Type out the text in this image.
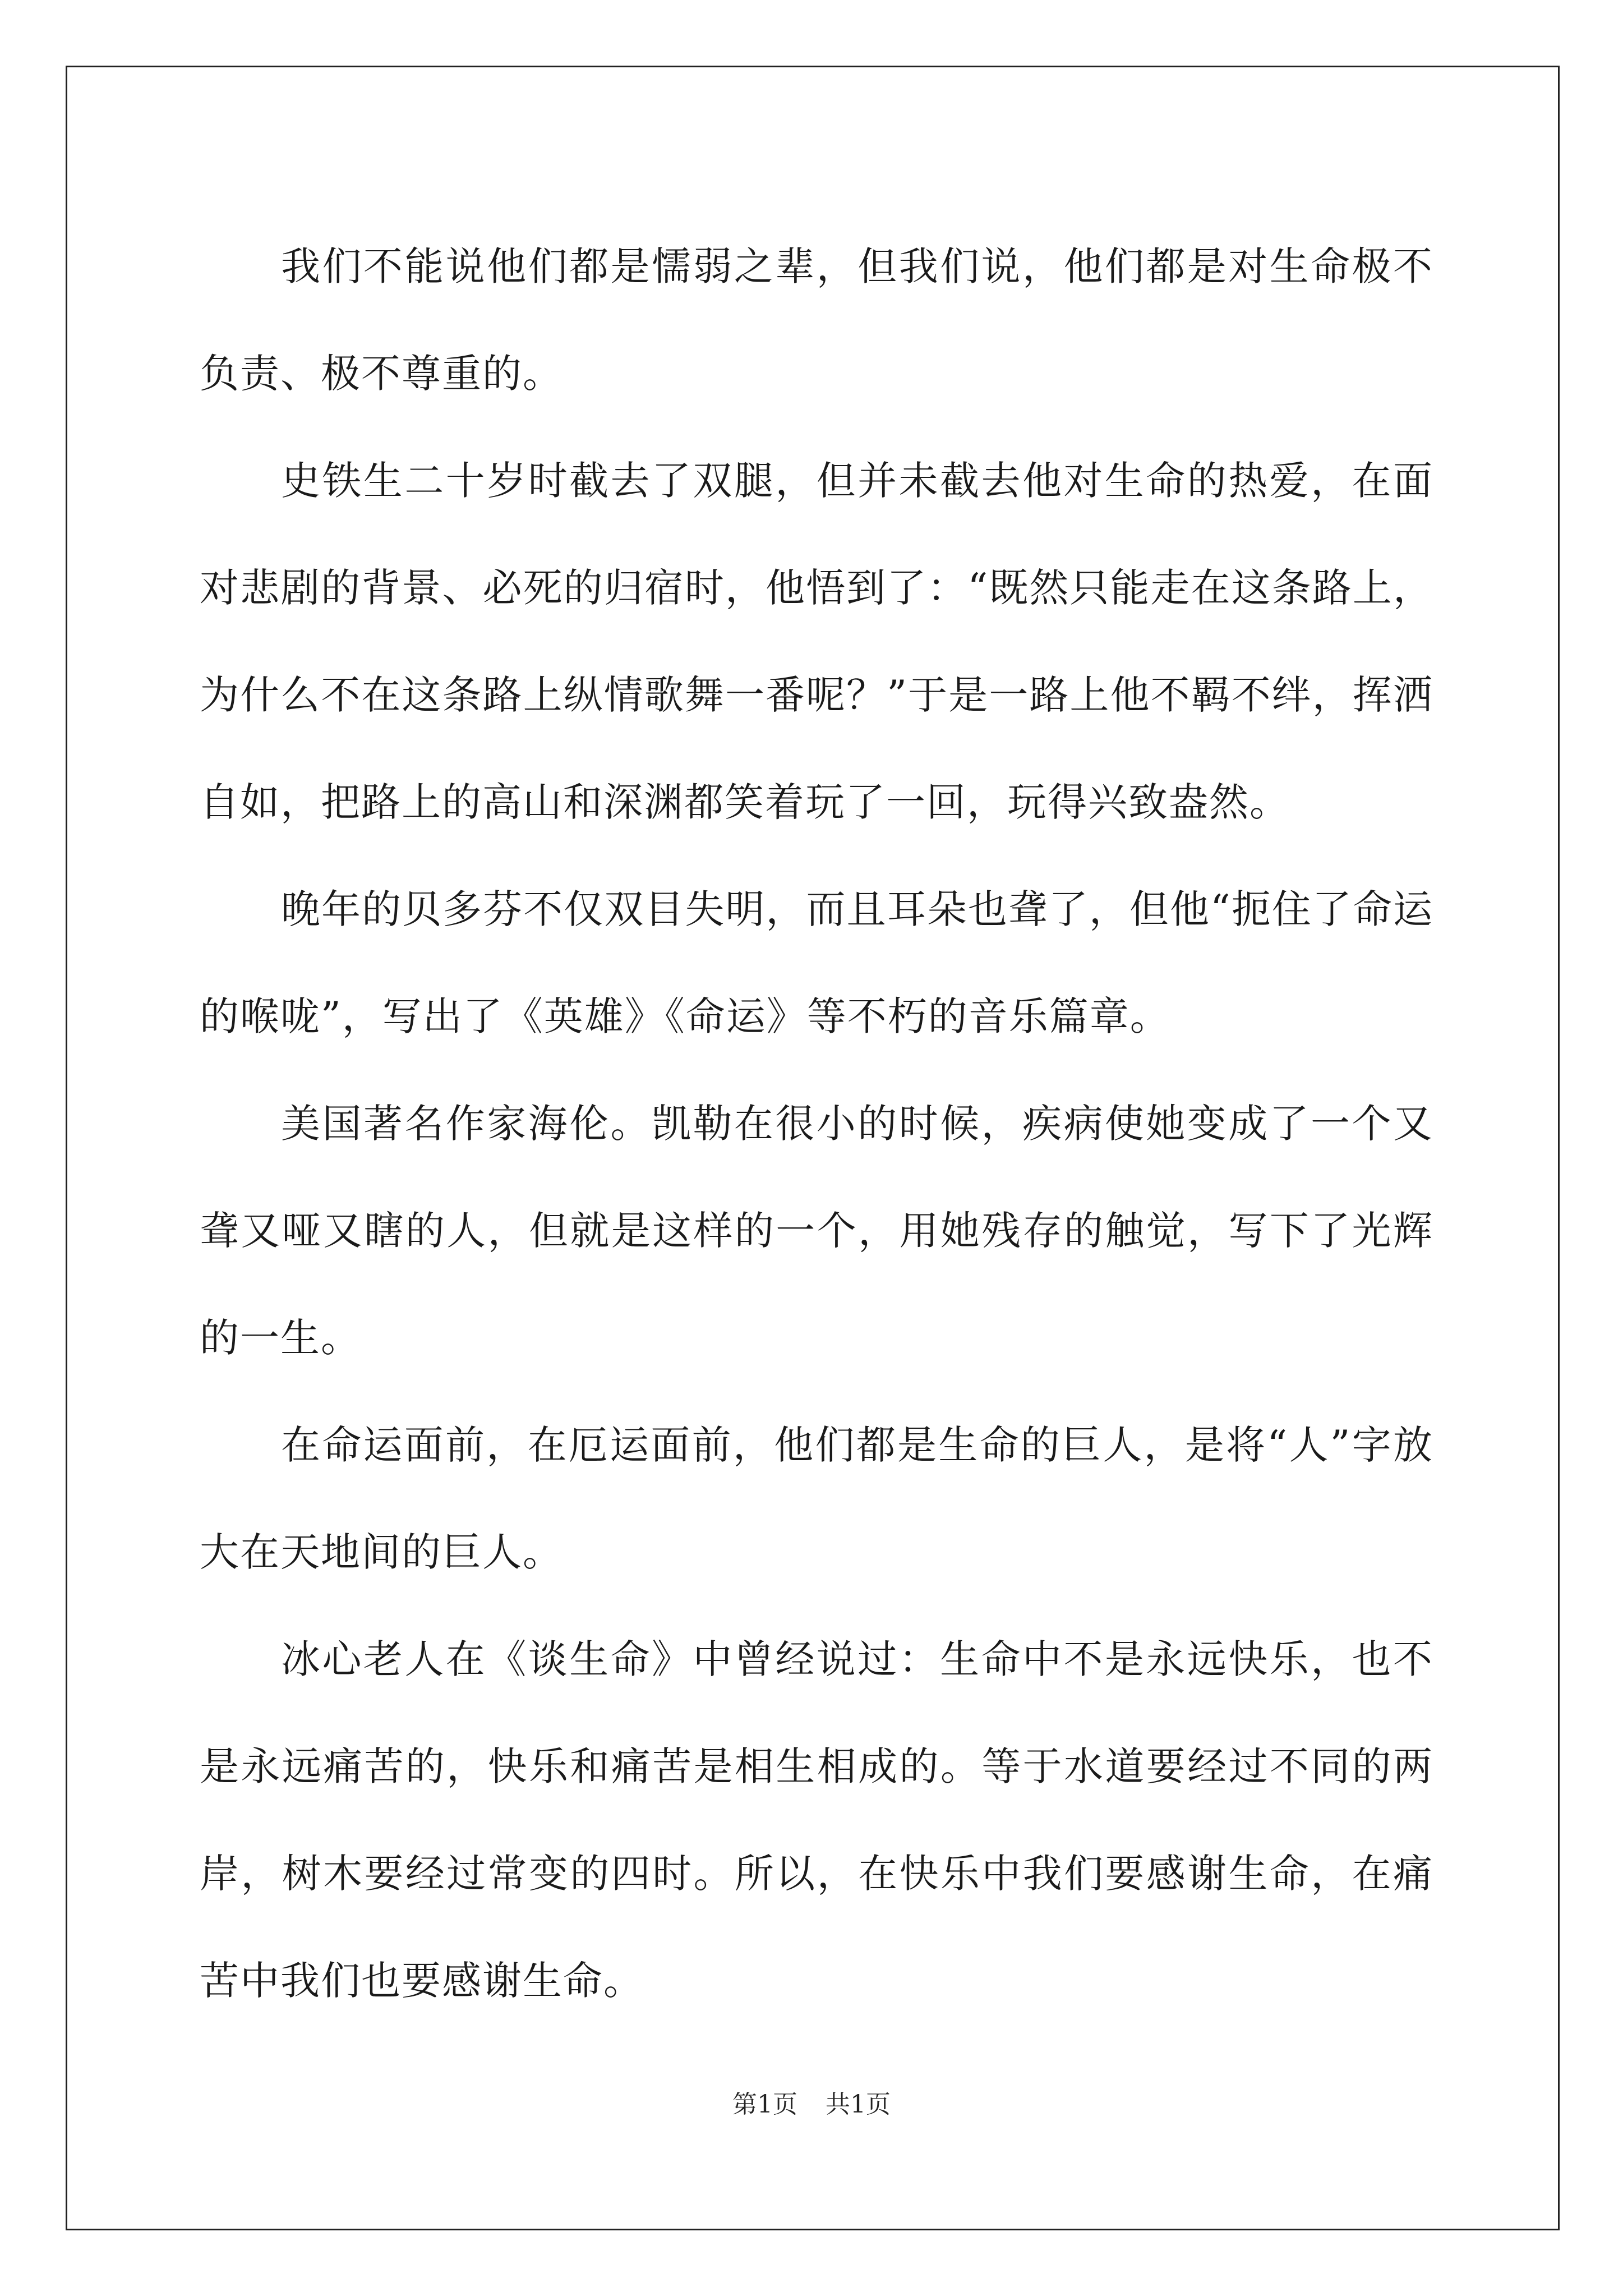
我们不能说他们都是懦弱之辈，但我们说，他们都是对生命极不负责、极不尊重的。

史铁生二十岁时截去了双腿，但并未截去他对生命的热爱，在面对悲剧的背景、必死的归宿时，他悟到了：“既然只能走在这条路上，为什么不在这条路上纵情歌舞一番呢？”于是一路上他不羁不绊，挥洒自如，把路上的高山和深渊都笑着玩了一回，玩得兴致盎然。

晚年的贝多芬不仅双目失明，而且耳朵也聋了，但他“扼住了命运的喉咙”，写出了《英雄》《命运》等不朽的音乐篇章。

美国著名作家海伦。凯勒在很小的时候，疾病使她变成了一个又聋又哑又瞎的人，但就是这样的一个，用她残存的触觉，写下了光辉的一生。

在命运面前，在厄运面前，他们都是生命的巨人，是将“人”字放大在天地间的巨人。

冰心老人在《谈生命》中曾经说过：生命中不是永远快乐，也不是永远痛苦的，快乐和痛苦是相生相成的。等于水道要经过不同的两岸，树木要经过常变的四时。所以，在快乐中我们要感谢生命，在痛苦中我们也要感谢生命。

第1页 共1页
